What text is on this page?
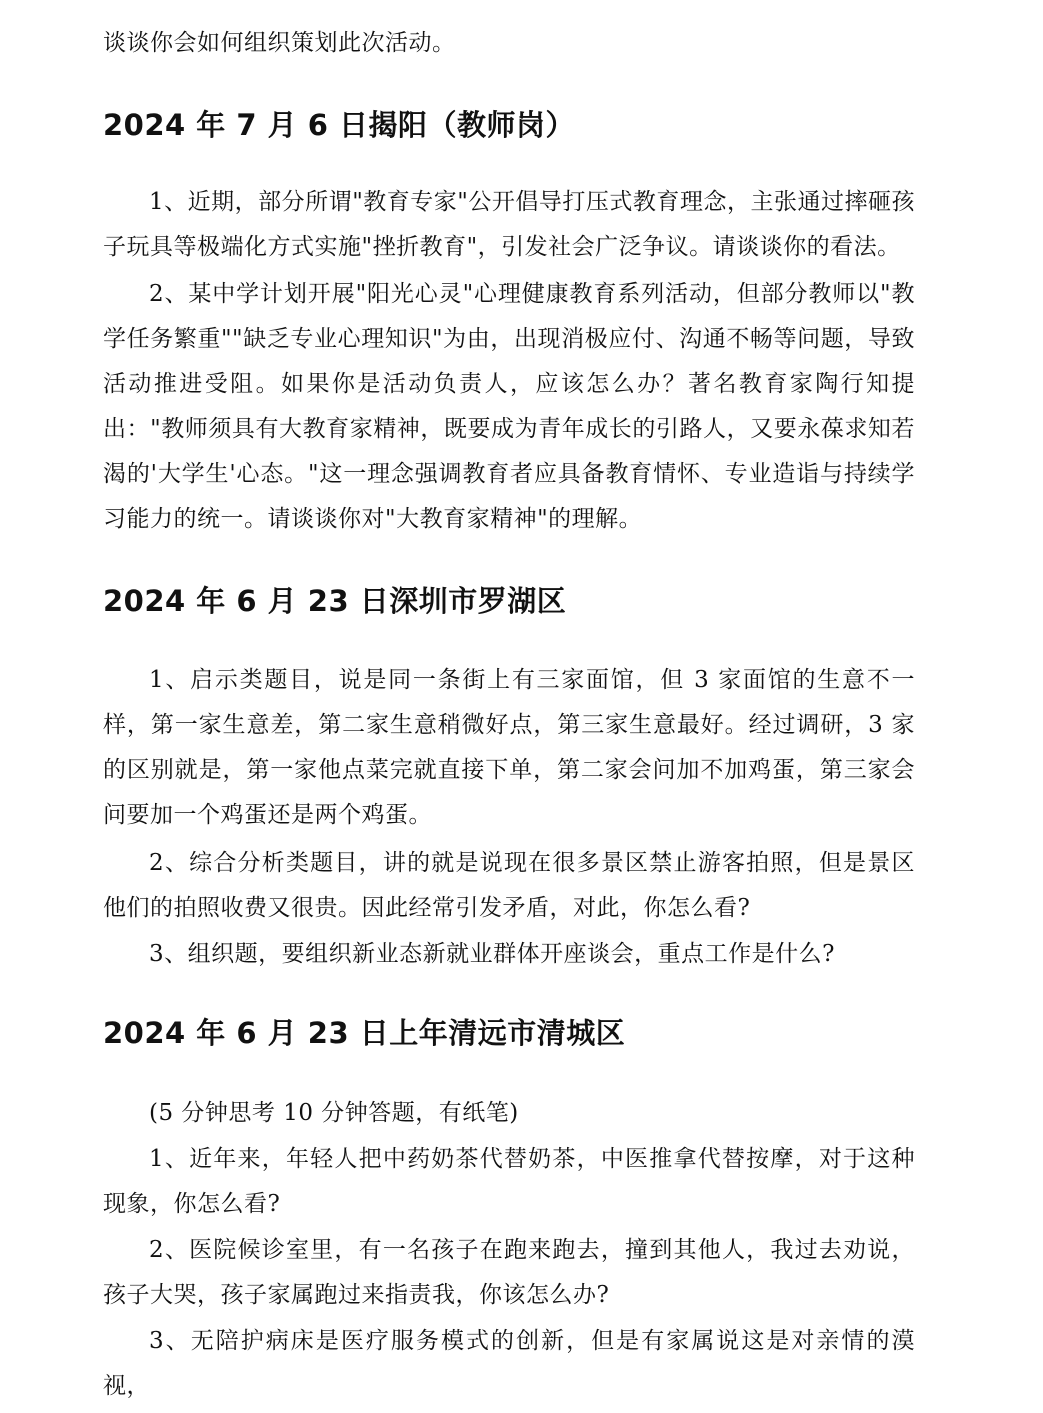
谈谈你会如何组织策划此次活动。

2024 年 7 月 6 日揭阳（教师岗）

1、近期，部分所谓"教育专家"公开倡导打压式教育理念，主张通过摔砸孩子玩具等极端化方式实施"挫折教育"，引发社会广泛争议。请谈谈你的看法。

2、某中学计划开展"阳光心灵"心理健康教育系列活动，但部分教师以"教学任务繁重""缺乏专业心理知识"为由，出现消极应付、沟通不畅等问题，导致活动推进受阻。如果你是活动负责人，应该怎么办？著名教育家陶行知提出："教师须具有大教育家精神，既要成为青年成长的引路人，又要永葆求知若渴的'大学生'心态。"这一理念强调教育者应具备教育情怀、专业造诣与持续学习能力的统一。请谈谈你对"大教育家精神"的理解。

2024 年 6 月 23 日深圳市罗湖区

1、启示类题目，说是同一条街上有三家面馆，但 3 家面馆的生意不一样，第一家生意差，第二家生意稍微好点，第三家生意最好。经过调研，3 家的区别就是，第一家他点菜完就直接下单，第二家会问加不加鸡蛋，第三家会问要加一个鸡蛋还是两个鸡蛋。

2、综合分析类题目，讲的就是说现在很多景区禁止游客拍照，但是景区他们的拍照收费又很贵。因此经常引发矛盾，对此，你怎么看?

3、组织题，要组织新业态新就业群体开座谈会，重点工作是什么?

2024 年 6 月 23 日上年清远市清城区

(5 分钟思考 10 分钟答题，有纸笔)

1、近年来，年轻人把中药奶茶代替奶茶，中医推拿代替按摩，对于这种现象，你怎么看?

2、医院候诊室里，有一名孩子在跑来跑去，撞到其他人，我过去劝说，孩子大哭，孩子家属跑过来指责我，你该怎么办?

3、无陪护病床是医疗服务模式的创新，但是有家属说这是对亲情的漠视，
